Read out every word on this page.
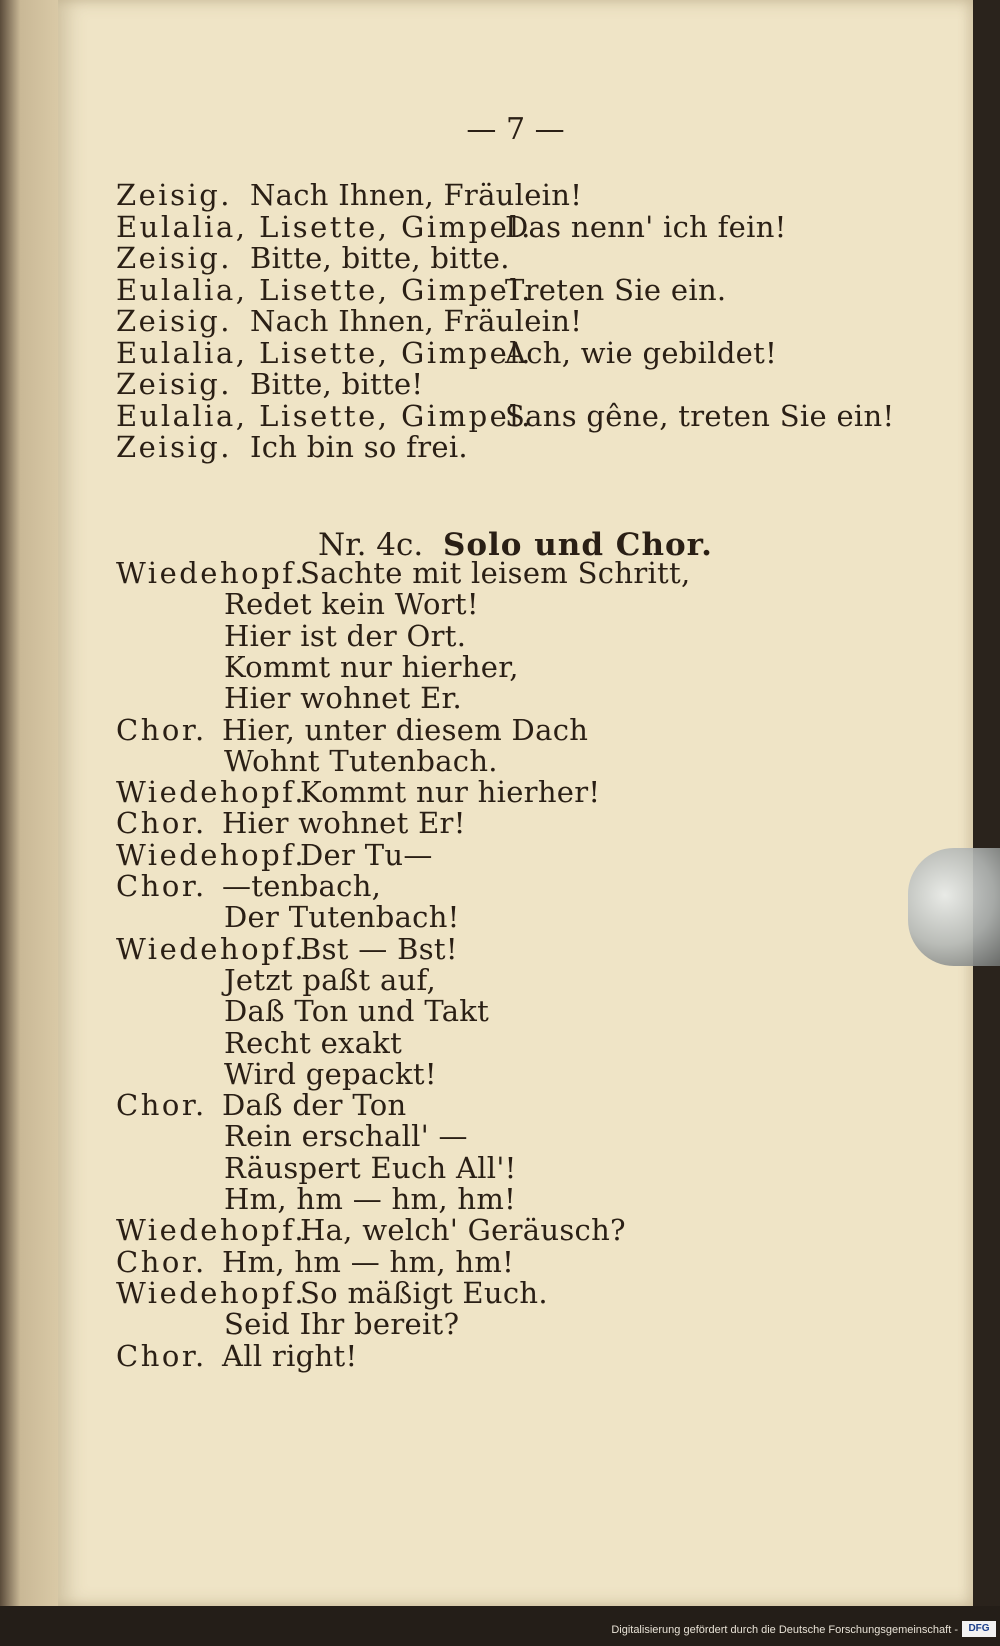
— 7 —
Zeisig. Nach Ihnen, Fräulein!
Eulalia, Lisette, Gimpel.
Das nenn' ich fein!
Zeisig. Bitte, bitte, bitte.
Eulalia, Lisette, Gimpel.
Treten Sie ein.
Zeisig. Nach Ihnen, Fräulein!
Eulalia, Lisette, Gimpel.
Ach, wie gebildet!
Zeisig. Bitte, bitte!
Eulalia, Lisette, Gimpel.
Sans gêne, treten Sie ein!
Zeisig. Ich bin so frei.
Nr. 4c. Solo und Chor.
Wiedehopf.
Sachte mit leisem Schritt,
Redet kein Wort!
Hier ist der Ort.
Kommt nur hierher,
Hier wohnet Er.
Chor. Hier, unter diesem Dach
Wohnt Tutenbach.
Wiedehopf.
Kommt nur hierher!
Chor. Hier wohnet Er!
Wiedehopf.
Der Tu—
Chor. —tenbach,
Der Tutenbach!
Wiedehopf.
Bst — Bst!
Jetzt paßt auf,
Daß Ton und Takt
Recht exakt
Wird gepackt!
Chor. Daß der Ton
Rein erschall' —
Räuspert Euch All'!
Hm, hm — hm, hm!
Wiedehopf.
Ha, welch' Geräusch?
Chor. Hm, hm — hm, hm!
Wiedehopf.
So mäßigt Euch.
Seid Ihr bereit?
Chor. All right!
Digitalisierung gefördert durch die Deutsche Forschungsgemeinschaft -	DFG
